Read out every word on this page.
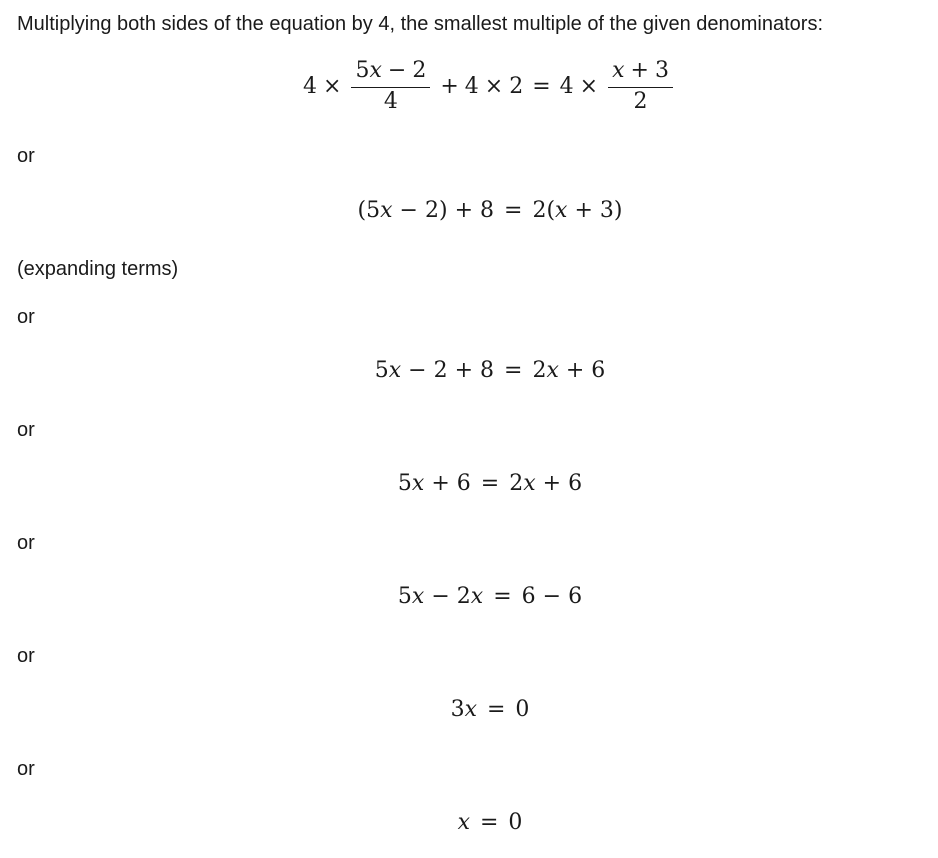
Multiplying both sides of the equation by 4, the smallest multiple of the given denominators:
$4 \times \frac{5x - 2}{4} + 4 \times 2 = 4 \times \frac{x + 3}{2}$
or
(5x − 2) + 8 = 2(x + 3)
(expanding terms)
or
5x − 2 + 8 = 2x + 6
or
5x + 6 = 2x + 6
or
5x − 2x = 6 − 6
or
3x = 0
or
x = 0
